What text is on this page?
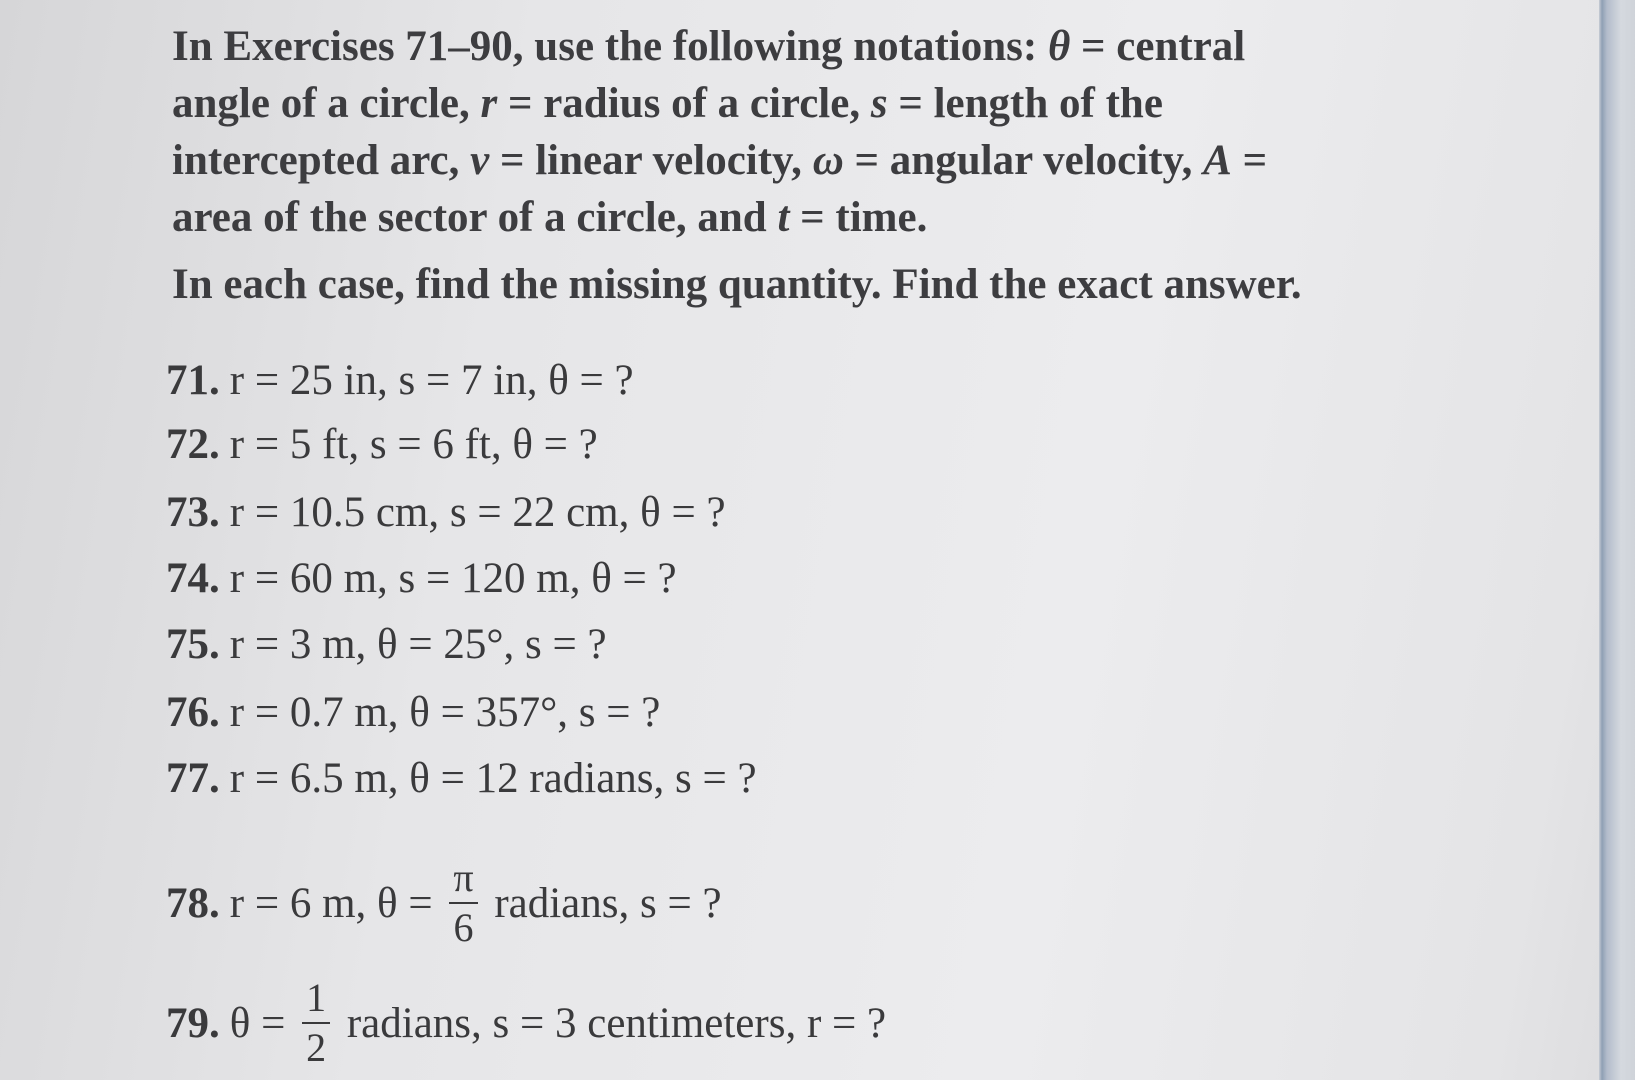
In Exercises 71–90, use the following notations: θ = central angle of a circle, r = radius of a circle, s = length of the intercepted arc, v = linear velocity, ω = angular velocity, A = area of the sector of a circle, and t = time.

In each case, find the missing quantity. Find the exact answer.

71. r = 25 in, s = 7 in, θ = ?
72. r = 5 ft, s = 6 ft, θ = ?
73. r = 10.5 cm, s = 22 cm, θ = ?
74. r = 60 m, s = 120 m, θ = ?
75. r = 3 m, θ = 25°, s = ?
76. r = 0.7 m, θ = 357°, s = ?
77. r = 6.5 m, θ = 12 radians, s = ?
78. r = 6 m, $\theta = \frac{\pi}{6}$ radians, s = ?
79. $\theta = \frac{1}{2}$ radians, s = 3 centimeters, r = ?
